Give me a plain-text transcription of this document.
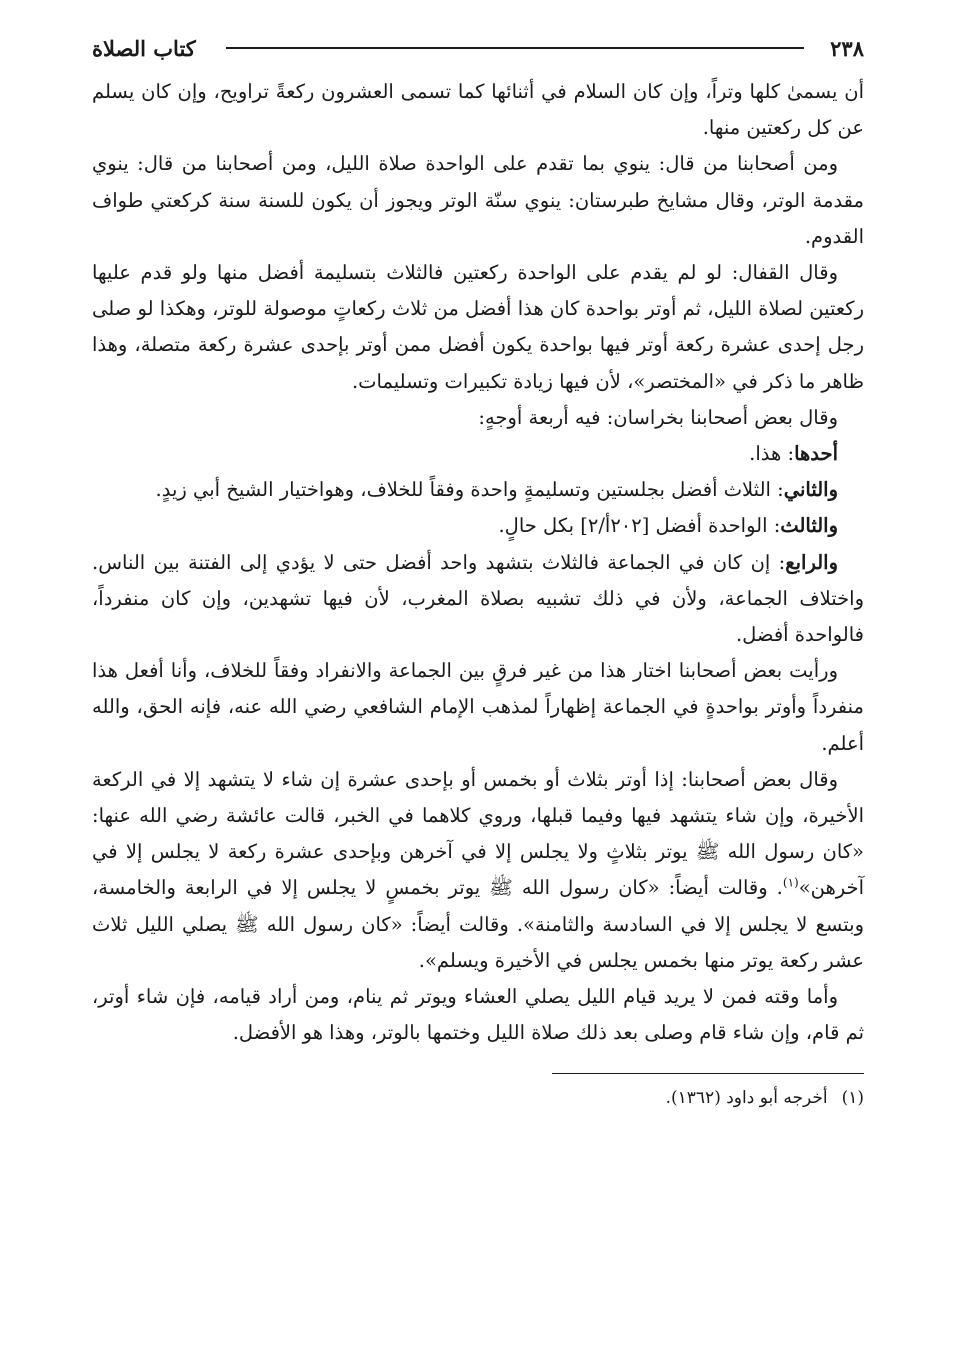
٢٣٨
كتاب الصلاة

أن يسمىٰ كلها وتراً، وإن كان السلام في أثنائها كما تسمى العشرون ركعةً تراويح، وإن كان يسلم عن كل ركعتين منها.

ومن أصحابنا من قال: ينوي بما تقدم على الواحدة صلاة الليل، ومن أصحابنا من قال: ينوي مقدمة الوتر، وقال مشايخ طبرستان: ينوي سنّة الوتر ويجوز أن يكون للسنة سنة كركعتي طواف القدوم.

وقال القفال: لو لم يقدم على الواحدة ركعتين فالثلاث بتسليمة أفضل منها ولو قدم عليها ركعتين لصلاة الليل، ثم أوتر بواحدة كان هذا أفضل من ثلاث ركعاتٍ موصولة للوتر، وهكذا لو صلى رجل إحدى عشرة ركعة أوتر فيها بواحدة يكون أفضل ممن أوتر بإحدى عشرة ركعة متصلة، وهذا ظاهر ما ذكر في «المختصر»، لأن فيها زيادة تكبيرات وتسليمات.

وقال بعض أصحابنا بخراسان: فيه أربعة أوجهٍ:

أحدها: هذا.

والثاني: الثلاث أفضل بجلستين وتسليمةٍ واحدة وفقاً للخلاف، وهواختيار الشيخ أبي زيدٍ.

والثالث: الواحدة أفضل [٢٠٢أ/٢] بكل حالٍ.

والرابع: إن كان في الجماعة فالثلاث بتشهد واحد أفضل حتى لا يؤدي إلى الفتنة بين الناس. واختلاف الجماعة، ولأن في ذلك تشبيه بصلاة المغرب، لأن فيها تشهدين، وإن كان منفرداً، فالواحدة أفضل.

ورأيت بعض أصحابنا اختار هذا من غير فرقٍ بين الجماعة والانفراد وفقاً للخلاف، وأنا أفعل هذا منفرداً وأوتر بواحدةٍ في الجماعة إظهاراً لمذهب الإمام الشافعي رضي الله عنه، فإنه الحق، والله أعلم.

وقال بعض أصحابنا: إذا أوتر بثلاث أو بخمس أو بإحدى عشرة إن شاء لا يتشهد إلا في الركعة الأخيرة، وإن شاء يتشهد فيها وفيما قبلها، وروي كلاهما في الخبر، قالت عائشة رضي الله عنها: «كان رسول الله ﷺ يوتر بثلاثٍ ولا يجلس إلا في آخرهن وبإحدى عشرة ركعة لا يجلس إلا في آخرهن»$^{(١)}$. وقالت أيضاً: «كان رسول الله ﷺ يوتر بخمسٍ لا يجلس إلا في الرابعة والخامسة، وبتسع لا يجلس إلا في السادسة والثامنة». وقالت أيضاً: «كان رسول الله ﷺ يصلي الليل ثلاث عشر ركعة يوتر منها بخمس يجلس في الأخيرة ويسلم».

وأما وقته فمن لا يريد قيام الليل يصلي العشاء ويوتر ثم ينام، ومن أراد قيامه، فإن شاء أوتر، ثم قام، وإن شاء قام وصلى بعد ذلك صلاة الليل وختمها بالوتر، وهذا هو الأفضل.

(١)أخرجه أبو داود (١٣٦٢).
